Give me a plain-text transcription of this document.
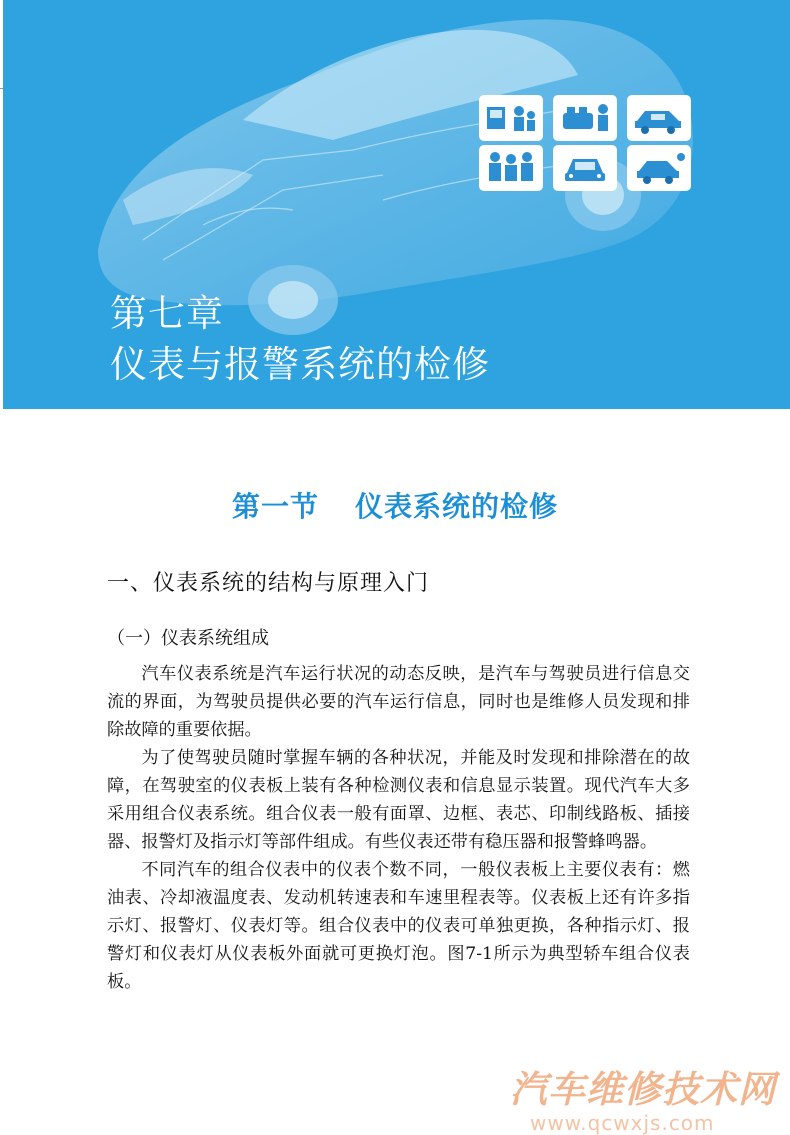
第七章
仪表与报警系统的检修
第一节 仪表系统的检修
一、仪表系统的结构与原理入门
（一）仪表系统组成

汽车仪表系统是汽车运行状况的动态反映，是汽车与驾驶员进行信息交流的界面，为驾驶员提供必要的汽车运行信息，同时也是维修人员发现和排除故障的重要依据。

为了使驾驶员随时掌握车辆的各种状况，并能及时发现和排除潜在的故障，在驾驶室的仪表板上装有各种检测仪表和信息显示装置。现代汽车大多采用组合仪表系统。组合仪表一般有面罩、边框、表芯、印制线路板、插接器、报警灯及指示灯等部件组成。有些仪表还带有稳压器和报警蜂鸣器。

不同汽车的组合仪表中的仪表个数不同，一般仪表板上主要仪表有：燃油表、冷却液温度表、发动机转速表和车速里程表等。仪表板上还有许多指示灯、报警灯、仪表灯等。组合仪表中的仪表可单独更换，各种指示灯、报警灯和仪表灯从仪表板外面就可更换灯泡。图7-1所示为典型轿车组合仪表板。

汽车维修技术网
www.qcwxjs.com
